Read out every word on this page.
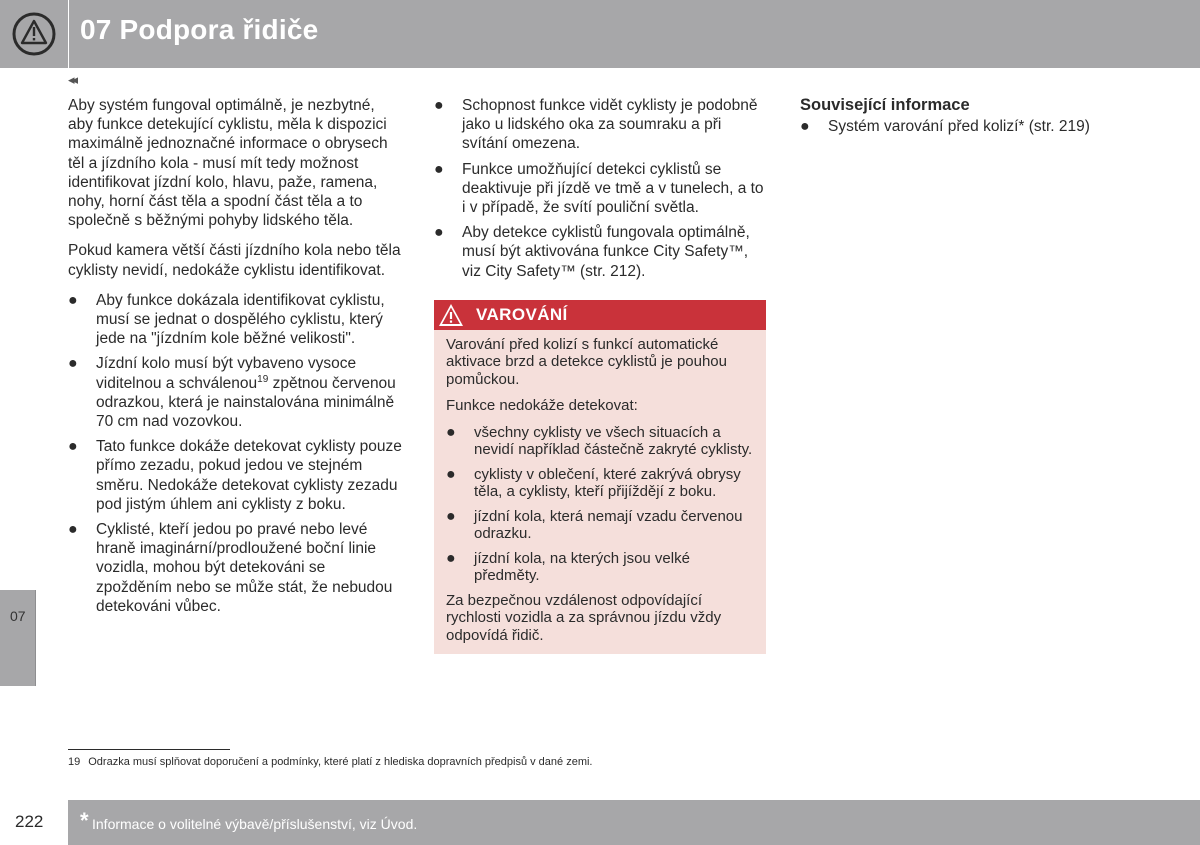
07 Podpora řidiče
◂◂
07

Aby systém fungoval optimálně, je nezbytné, aby funkce detekující cyklistu, měla k dispozici maximálně jednoznačné informace o obrysech těl a jízdního kola - musí mít tedy možnost identifikovat jízdní kolo, hlavu, paže, ramena, nohy, horní část těla a spodní část těla a to společně s běžnými pohyby lidského těla.

Pokud kamera větší části jízdního kola nebo těla cyklisty nevidí, nedokáže cyklistu identifikovat.

● Aby funkce dokázala identifikovat cyklistu, musí se jednat o dospělého cyklistu, který jede na "jízdním kole běžné velikosti".
● Jízdní kolo musí být vybaveno vysoce viditelnou a schválenou$^{19}$ zpětnou červenou odrazkou, která je nainstalována minimálně 70 cm nad vozovkou.
● Tato funkce dokáže detekovat cyklisty pouze přímo zezadu, pokud jedou ve stejném směru. Nedokáže detekovat cyklisty zezadu pod jistým úhlem ani cyklisty z boku.
● Cyklisté, kteří jedou po pravé nebo levé hraně imaginární/prodloužené boční linie vozidla, mohou být detekováni se zpožděním nebo se může stát, že nebudou detekováni vůbec.
● Schopnost funkce vidět cyklisty je podobně jako u lidského oka za soumraku a při svítání omezena.
● Funkce umožňující detekci cyklistů se deaktivuje při jízdě ve tmě a v tunelech, a to i v případě, že svítí pouliční světla.
● Aby detekce cyklistů fungovala optimálně, musí být aktivována funkce City Safety™, viz City Safety™ (str. 212).
VAROVÁNÍ

Varování před kolizí s funkcí automatické aktivace brzd a detekce cyklistů je pouhou pomůckou.

Funkce nedokáže detekovat:

● všechny cyklisty ve všech situacích a nevidí například částečně zakryté cyklisty.
● cyklisty v oblečení, které zakrývá obrysy těla, a cyklisty, kteří přijíždějí z boku.
● jízdní kola, která nemají vzadu červenou odrazku.
● jízdní kola, na kterých jsou velké předměty.

Za bezpečnou vzdálenost odpovídající rychlosti vozidla a za správnou jízdu vždy odpovídá řidič.

Související informace
● Systém varování před kolizí* (str. 219)
19 Odrazka musí splňovat doporučení a podmínky, které platí z hlediska dopravních předpisů v dané zemi.
222 * Informace o volitelné výbavě/příslušenství, viz Úvod.
